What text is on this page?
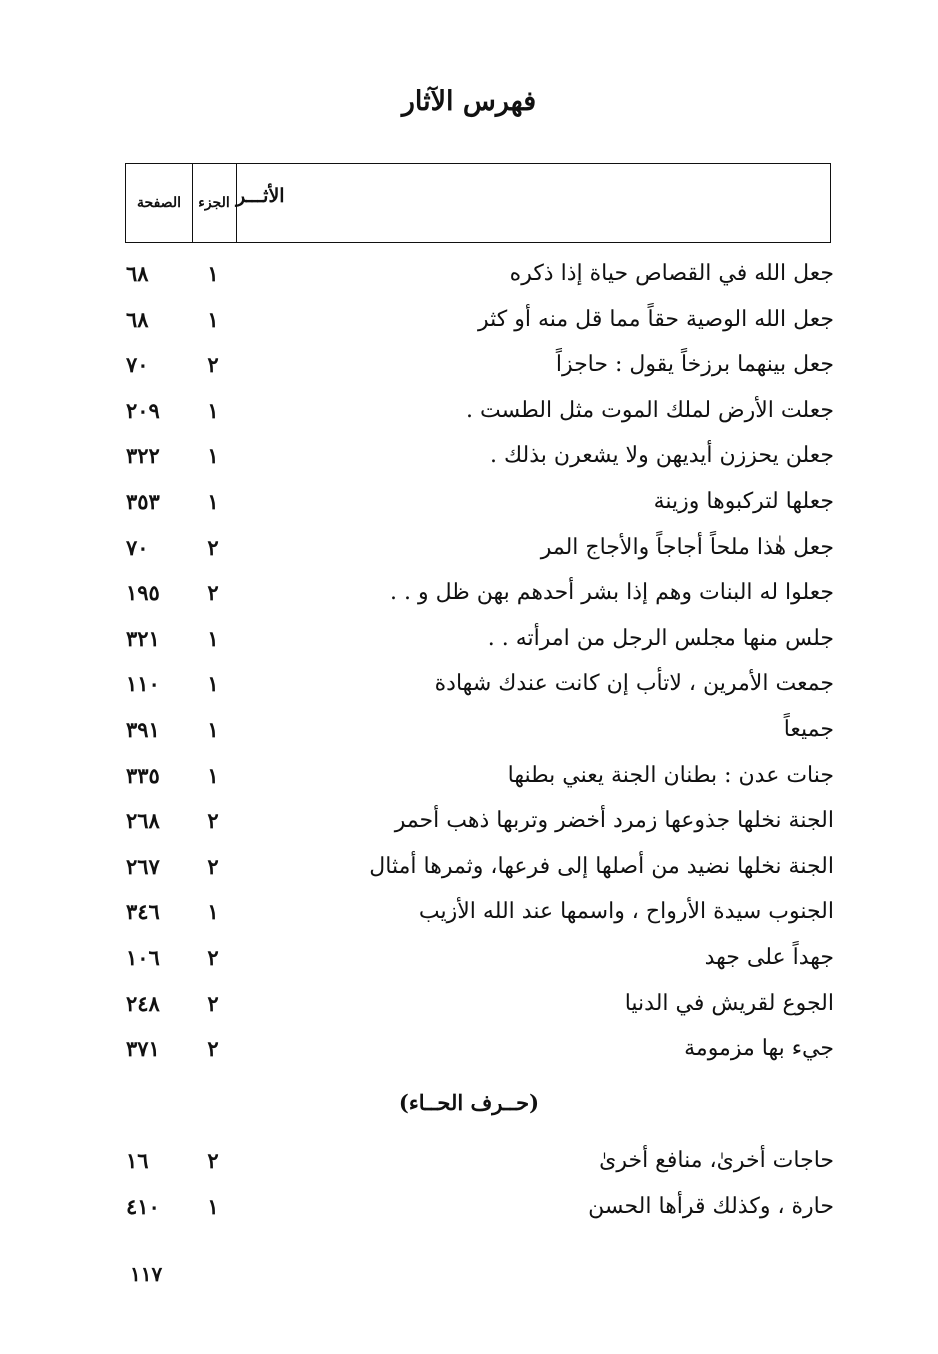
فهرس الآثار
الصفحة	الجزء الأثـــر
جعل الله في القصاص حياة إذا ذكره
١
٦٨
جعل الله الوصية حقاً مما قل منه أو كثر
١
٦٨
جعل بينهما برزخاً يقول : حاجزاً
٢
٧٠
جعلت الأرض لملك الموت مثل الطست .
١
٢٠٩
جعلن يحززن أيديهن ولا يشعرن بذلك .
١
٣٢٢
جعلها لتركبوها وزينة
١
٣٥٣
جعل هٰذا ملحاً أجاجاً والأجاج المر
٢
٧٠
جعلوا له البنات وهم إذا بشر أحدهم بهن ظل و . .
٢
١٩٥
جلس منها مجلس الرجل من امرأته . .
١
٣٢١
جمعت الأمرين ، لاتأب إن كانت عندك شهادة
١
١١٠
جميعاً
١
٣٩١
جنات عدن : بطنان الجنة يعني بطنها
١
٣٣٥
الجنة نخلها جذوعها زمرد أخضر وتربها ذهب أحمر
٢
٢٦٨
الجنة نخلها نضيد من أصلها إلى فرعها، وثمرها أمثال
٢
٢٦٧
الجنوب سيدة الأرواح ، واسمها عند الله الأزيب
١
٣٤٦
جهداً على جهد
٢
١٠٦
الجوع لقريش في الدنيا
٢
٢٤٨
جيء بها مزمومة
٢
٣٧١
(حــرف الحــاء)
حاجات أخرىٰ، منافع أخرىٰ
٢
١٦
حارة ، وكذلك قرأها الحسن
١
٤١٠
١١٧
